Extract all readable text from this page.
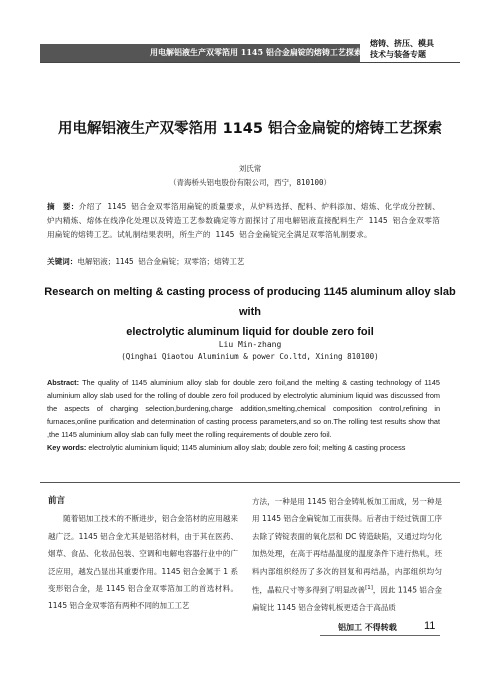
用电解铝液生产双零箔用 1145 铝合金扁锭的熔铸工艺探索
熔铸、挤压、模具
技术与装备专题
用电解铝液生产双零箔用 1145 铝合金扁锭的熔铸工艺探索
刘氏常
（青海桥头铝电股份有限公司，西宁，810100）
摘　要：介绍了 1145 铝合金双零箔用扁锭的质量要求，从炉料选择、配料、炉料添加、熔炼、化学成分控制、炉内精炼、熔体在线净化处理以及铸造工艺参数确定等方面探讨了用电解铝液直接配料生产 1145 铝合金双零箔用扁锭的熔铸工艺。试轧制结果表明，所生产的 1145 铝合金扁锭完全满足双零箔轧制要求。
关键词：电解铝液；1145 铝合金扁锭；双零箔；熔铸工艺
Research on melting & casting process of producing 1145 aluminum alloy slab with
electrolytic aluminum liquid for double zero foil
Liu Min-zhang
(Qinghai Qiaotou Aluminium & power Co.ltd, Xining 810100)
Abstract: The quality of 1145 aluminium alloy slab for double zero foil,and the melting & casting technology of 1145 aluminium alloy slab used for the rolling of double zero foil produced by electrolytic aluminium liquid was discussed from the aspects of charging selection,burdening,charge addition,smelting,chemical composition control,refining in furnaces,online purification and determination of casting process parameters,and so on.The rolling test results show that ,the 1145 aluminium alloy slab can fully meet the rolling requirements of double zero foil.
Key words: electrolytic aluminium liquid; 1145 aluminium alloy slab; double zero foil; melting & casting process
前言
  随着铝加工技术的不断进步，铝合金箔材的应用越来越广泛。1145 铝合金尤其是铝箔材料，由于其在医药、烟草、食品、化妆品包装、空调和电解电容器行业中的广泛应用，越发凸显出其重要作用。1145 铝合金属于 1 系变形铝合金，是 1145 铝合金双零箔加工的首选材料。1145 铝合金双零箔有两种不同的加工工艺
方法，一种是用 1145 铝合金铸轧板加工而成，另一种是用 1145 铝合金扁锭加工而获得。后者由于经过铣面工序去除了铸锭表面的氧化层和 DC 铸造缺陷，又通过均匀化加热处理，在高于再结晶温度的温度条件下进行热轧，坯料内部组织经历了多次的回复和再结晶，内部组织均匀性，晶粒尺寸等多得到了明显改善[1]，因此 1145 铝合金扁锭比 1145 铝合金铸轧板更适合于高品质
铝加工 不得转载 11
